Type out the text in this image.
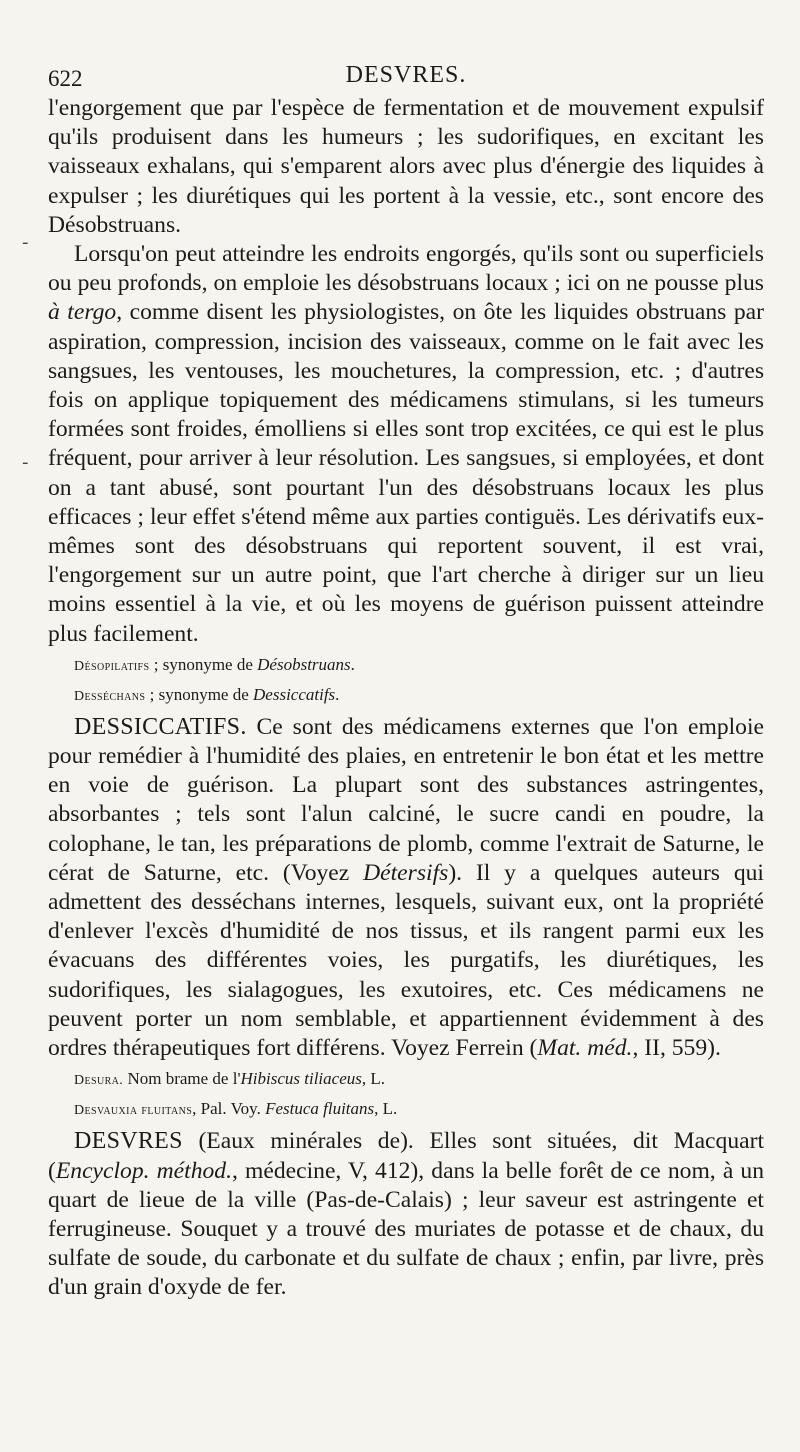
622	DESVRES.
-
-

l'engorgement que par l'espèce de fermentation et de mouvement expulsif qu'ils produisent dans les humeurs ; les sudorifiques, en excitant les vaisseaux exhalans, qui s'emparent alors avec plus d'énergie des liquides à expulser ; les diurétiques qui les portent à la vessie, etc., sont encore des Désobstruans.

Lorsqu'on peut atteindre les endroits engorgés, qu'ils sont ou superficiels ou peu profonds, on emploie les désobstruans locaux ; ici on ne pousse plus à tergo, comme disent les physiologistes, on ôte les liquides obstruans par aspiration, compression, incision des vaisseaux, comme on le fait avec les sangsues, les ventouses, les mouchetures, la compression, etc. ; d'autres fois on applique topiquement des médicamens stimulans, si les tumeurs formées sont froides, émolliens si elles sont trop excitées, ce qui est le plus fréquent, pour arriver à leur résolution. Les sangsues, si employées, et dont on a tant abusé, sont pourtant l'un des désobstruans locaux les plus efficaces ; leur effet s'étend même aux parties contiguës. Les dérivatifs eux-mêmes sont des désobstruans qui reportent souvent, il est vrai, l'engorgement sur un autre point, que l'art cherche à diriger sur un lieu moins essentiel à la vie, et où les moyens de guérison puissent atteindre plus facilement.

Désopilatifs ; synonyme de Désobstruans.

Desséchans ; synonyme de Dessiccatifs.

DESSICCATIFS. Ce sont des médicamens externes que l'on emploie pour remédier à l'humidité des plaies, en entretenir le bon état et les mettre en voie de guérison. La plupart sont des substances astringentes, absorbantes ; tels sont l'alun calciné, le sucre candi en poudre, la colophane, le tan, les préparations de plomb, comme l'extrait de Saturne, le cérat de Saturne, etc. (Voyez Détersifs). Il y a quelques auteurs qui admettent des desséchans internes, lesquels, suivant eux, ont la propriété d'enlever l'excès d'humidité de nos tissus, et ils rangent parmi eux les évacuans des différentes voies, les purgatifs, les diurétiques, les sudorifiques, les sialagogues, les exutoires, etc. Ces médicamens ne peuvent porter un nom semblable, et appartiennent évidemment à des ordres thérapeutiques fort différens. Voyez Ferrein (Mat. méd., II, 559).

Desura. Nom brame de l'Hibiscus tiliaceus, L.

Desvauxia fluitans, Pal. Voy. Festuca fluitans, L.

DESVRES (Eaux minérales de). Elles sont situées, dit Macquart (Encyclop. méthod., médecine, V, 412), dans la belle forêt de ce nom, à un quart de lieue de la ville (Pas-de-Calais) ; leur saveur est astringente et ferrugineuse. Souquet y a trouvé des muriates de potasse et de chaux, du sulfate de soude, du carbonate et du sulfate de chaux ; enfin, par livre, près d'un grain d'oxyde de fer.
